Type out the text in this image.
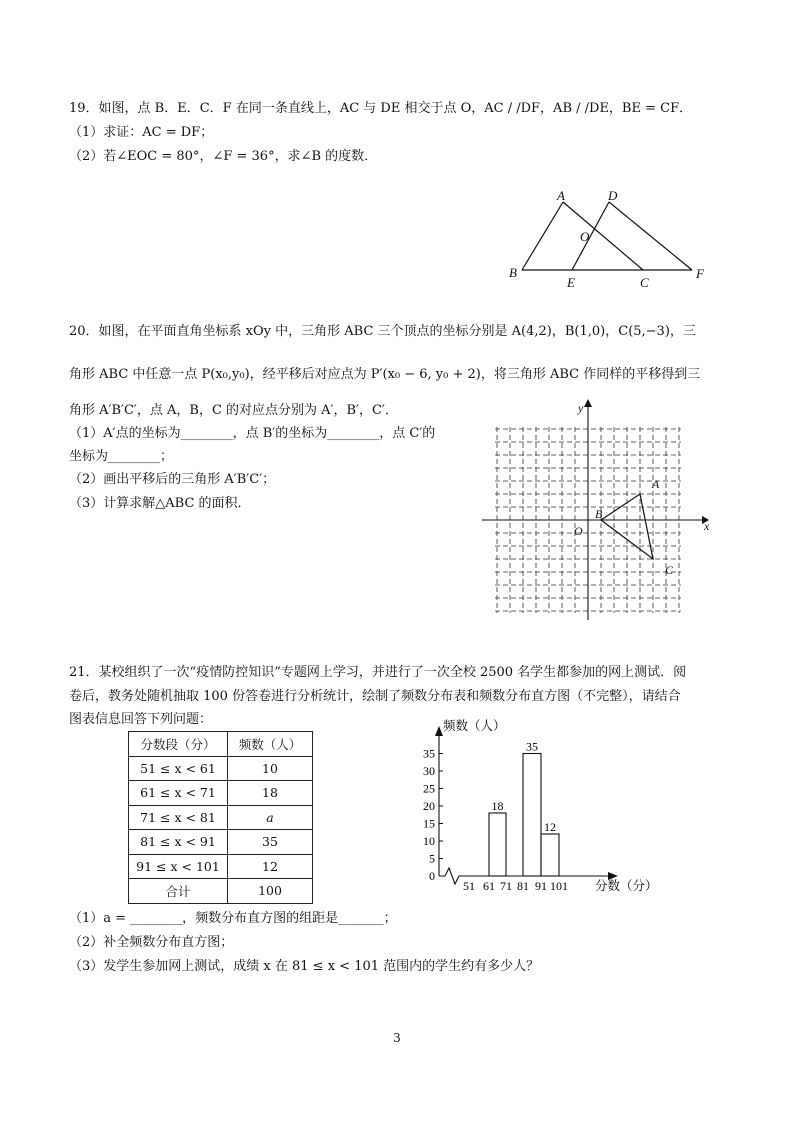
19．如图，点 B．E．C．F 在同一条直线上，AC 与 DE 相交于点 O，AC / /DF，AB / /DE，BE = CF．
（1）求证：AC = DF；
（2）若∠EOC = 80°，∠F = 36°，求∠B 的度数．
A	D
O
B
E	C
F
20．如图，在平面直角坐标系 xOy 中，三角形 ABC 三个顶点的坐标分别是 A(4,2)，B(1,0)，C(5,−3)，三
角形 ABC 中任意一点 P(x₀,y₀)，经平移后对应点为 P′(x₀ − 6, y₀ + 2)，将三角形 ABC 作同样的平移得到三
角形 A′B′C′，点 A，B，C 的对应点分别为 A′，B′，C′．
（1）A′点的坐标为________，点 B′的坐标为________，点 C′的
坐标为________；
（2）画出平移后的三角形 A′B′C′；
（3）计算求解△ABC 的面积．
x
y
O
A
B
C
21．某校组织了一次“疫情防控知识”专题网上学习，并进行了一次全校 2500 名学生都参加的网上测试．阅
卷后，教务处随机抽取 100 份答卷进行分析统计，绘制了频数分布表和频数分布直方图（不完整），请结合
图表信息回答下列问题：
分数段（分）	频数（人）
51 ≤ x < 61	10
61 ≤ x < 71	18
71 ≤ x < 81	a
81 ≤ x < 91	35
91 ≤ x < 101	12
合计	100
频数（人）
分数（分）
0
5
10
15
20
25
30
35
51 61 71 81 91 101
18
35
12
（1）a = ________，频数分布直方图的组距是_______；
（2）补全频数分布直方图；
（3）发学生参加网上测试，成绩 x 在 81 ≤ x < 101 范围内的学生约有多少人？
3
